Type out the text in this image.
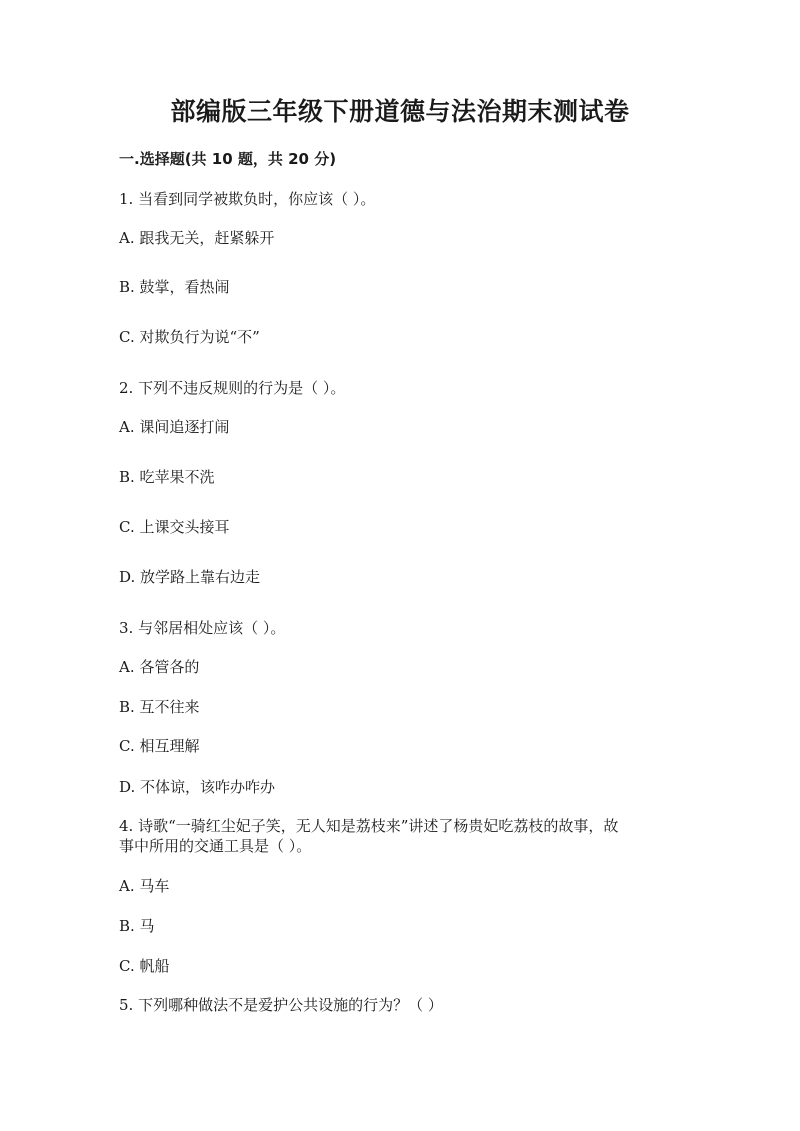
部编版三年级下册道德与法治期末测试卷
一.选择题(共 10 题，共 20 分)
1. 当看到同学被欺负时，你应该（ ）。
A. 跟我无关，赶紧躲开
B. 鼓掌，看热闹
C. 对欺负行为说“不”
2. 下列不违反规则的行为是（ ）。
A. 课间追逐打闹
B. 吃苹果不洗
C. 上课交头接耳
D. 放学路上靠右边走
3. 与邻居相处应该（ ）。
A. 各管各的
B. 互不往来
C. 相互理解
D. 不体谅，该咋办咋办
4. 诗歌“一骑红尘妃子笑，无人知是荔枝来”讲述了杨贵妃吃荔枝的故事，故
事中所用的交通工具是（ ）。
A. 马车
B. 马
C. 帆船
5. 下列哪种做法不是爱护公共设施的行为？（ ）
